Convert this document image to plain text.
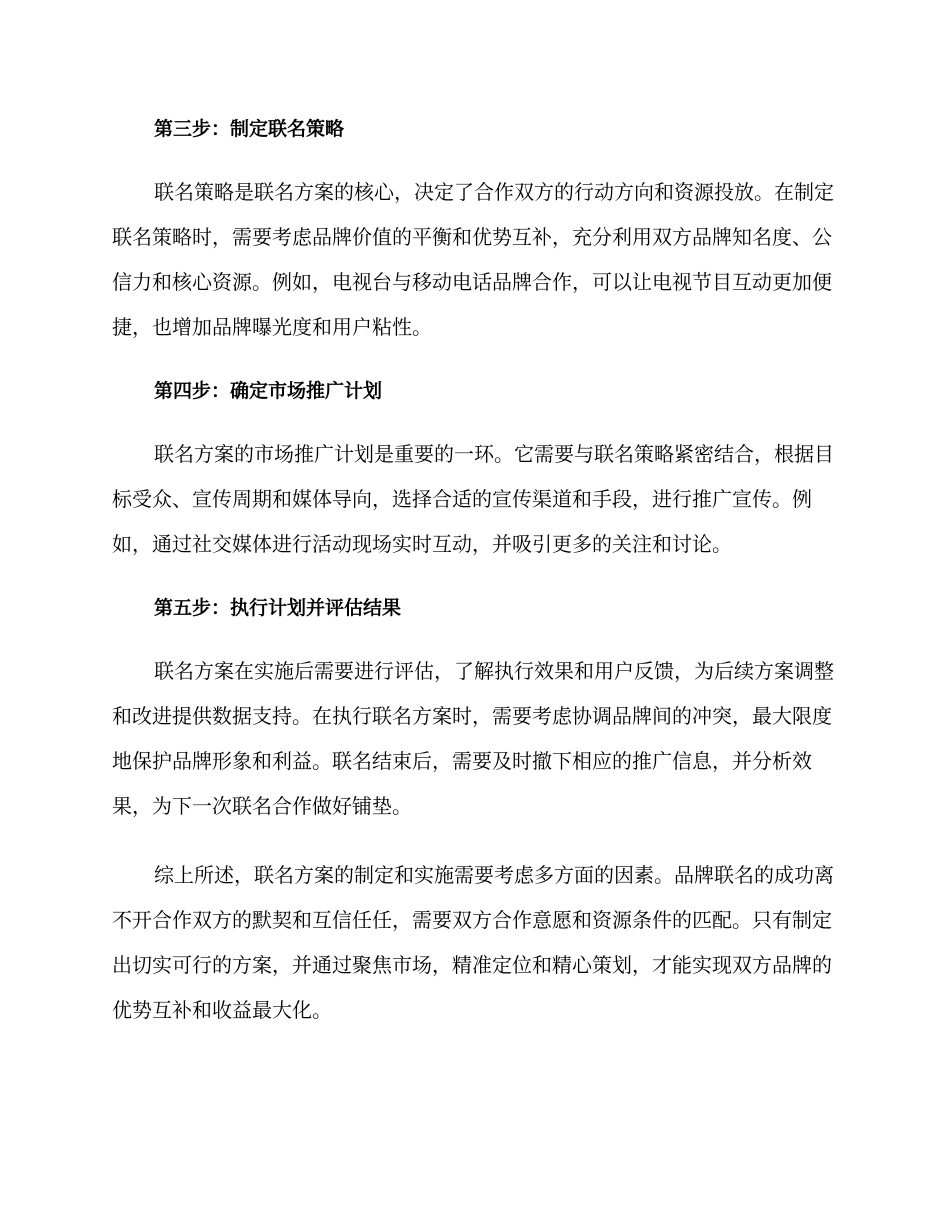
第三步：制定联名策略

联名策略是联名方案的核心，决定了合作双方的行动方向和资源投放。在制定联名策略时，需要考虑品牌价值的平衡和优势互补，充分利用双方品牌知名度、公信力和核心资源。例如，电视台与移动电话品牌合作，可以让电视节目互动更加便捷，也增加品牌曝光度和用户粘性。

第四步：确定市场推广计划

联名方案的市场推广计划是重要的一环。它需要与联名策略紧密结合，根据目标受众、宣传周期和媒体导向，选择合适的宣传渠道和手段，进行推广宣传。例如，通过社交媒体进行活动现场实时互动，并吸引更多的关注和讨论。

第五步：执行计划并评估结果

联名方案在实施后需要进行评估，了解执行效果和用户反馈，为后续方案调整和改进提供数据支持。在执行联名方案时，需要考虑协调品牌间的冲突，最大限度地保护品牌形象和利益。联名结束后，需要及时撤下相应的推广信息，并分析效果，为下一次联名合作做好铺垫。

综上所述，联名方案的制定和实施需要考虑多方面的因素。品牌联名的成功离不开合作双方的默契和互信任任，需要双方合作意愿和资源条件的匹配。只有制定出切实可行的方案，并通过聚焦市场，精准定位和精心策划，才能实现双方品牌的优势互补和收益最大化。
